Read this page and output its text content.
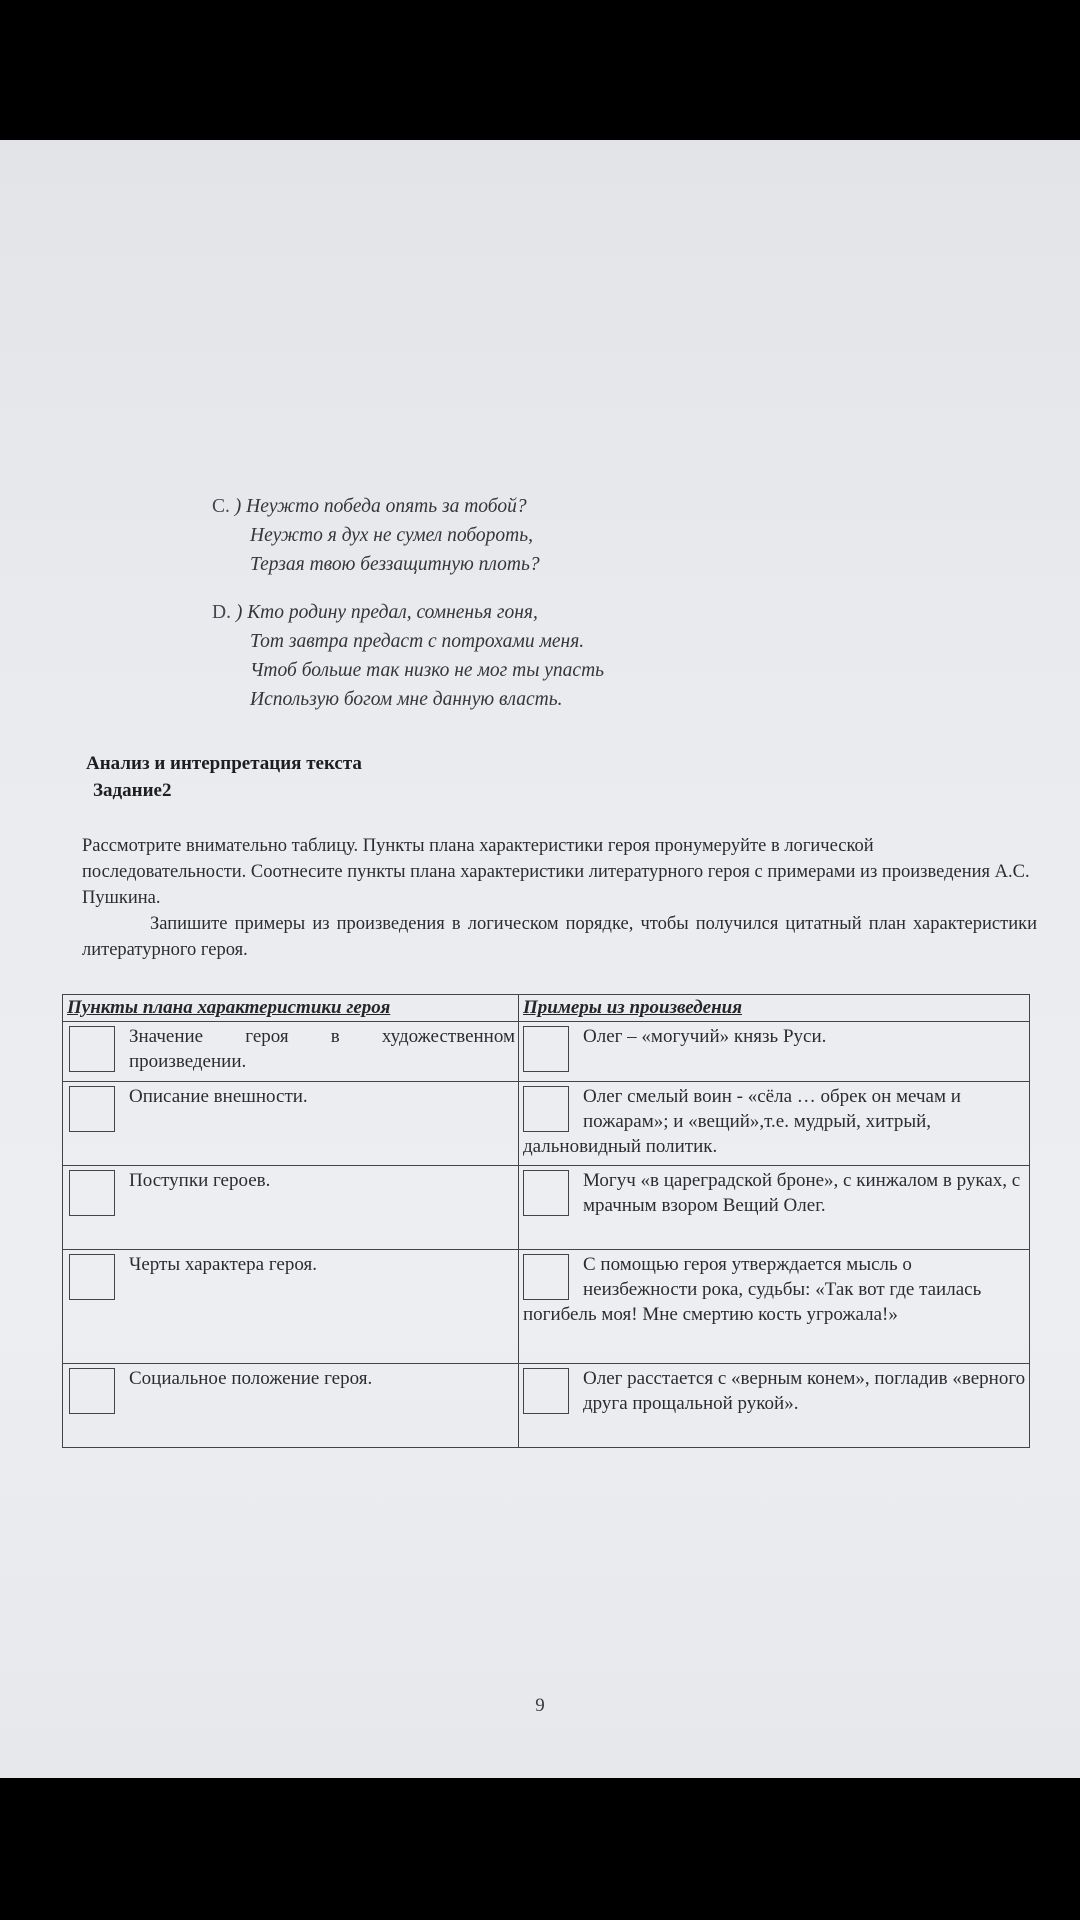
C. ) Неужто победа опять за тобой?
Неужто я дух не сумел побороть,
Терзая твою беззащитную плоть?
D. ) Кто родину предал, сомненья гоня,
Тот завтра предаст с потрохами меня.
Чтоб больше так низко не мог ты упасть
Использую богом мне данную власть.
Анализ и интерпретация текста
Задание2
Рассмотрите внимательно таблицу. Пункты плана характеристики героя пронумеруйте в логической последовательности. Соотнесите пункты плана характеристики литературного героя с примерами из произведения А.С. Пушкина.
Запишите примеры из произведения в логическом порядке, чтобы получился цитатный план характеристики литературного героя.
Пункты плана характеристики героя	Примеры из произведения

Значение героя в художественном произведении.	Олег – «могучий» князь Руси.

Описание внешности.	Олег смелый воин - «сёла … обрек он мечам и пожарам»; и «вещий»,т.е. мудрый, хитрый, дальновидный политик.

Поступки героев.	Могуч «в цареградской броне», с кинжалом в руках, с мрачным взором Вещий Олег.

Черты характера героя.	С помощью героя утверждается мысль о неизбежности рока, судьбы: «Так вот где таилась погибель моя! Мне смертию кость угрожала!»

Социальное положение героя.	Олег расстается с «верным конем», погладив «верного друга прощальной рукой».
9
